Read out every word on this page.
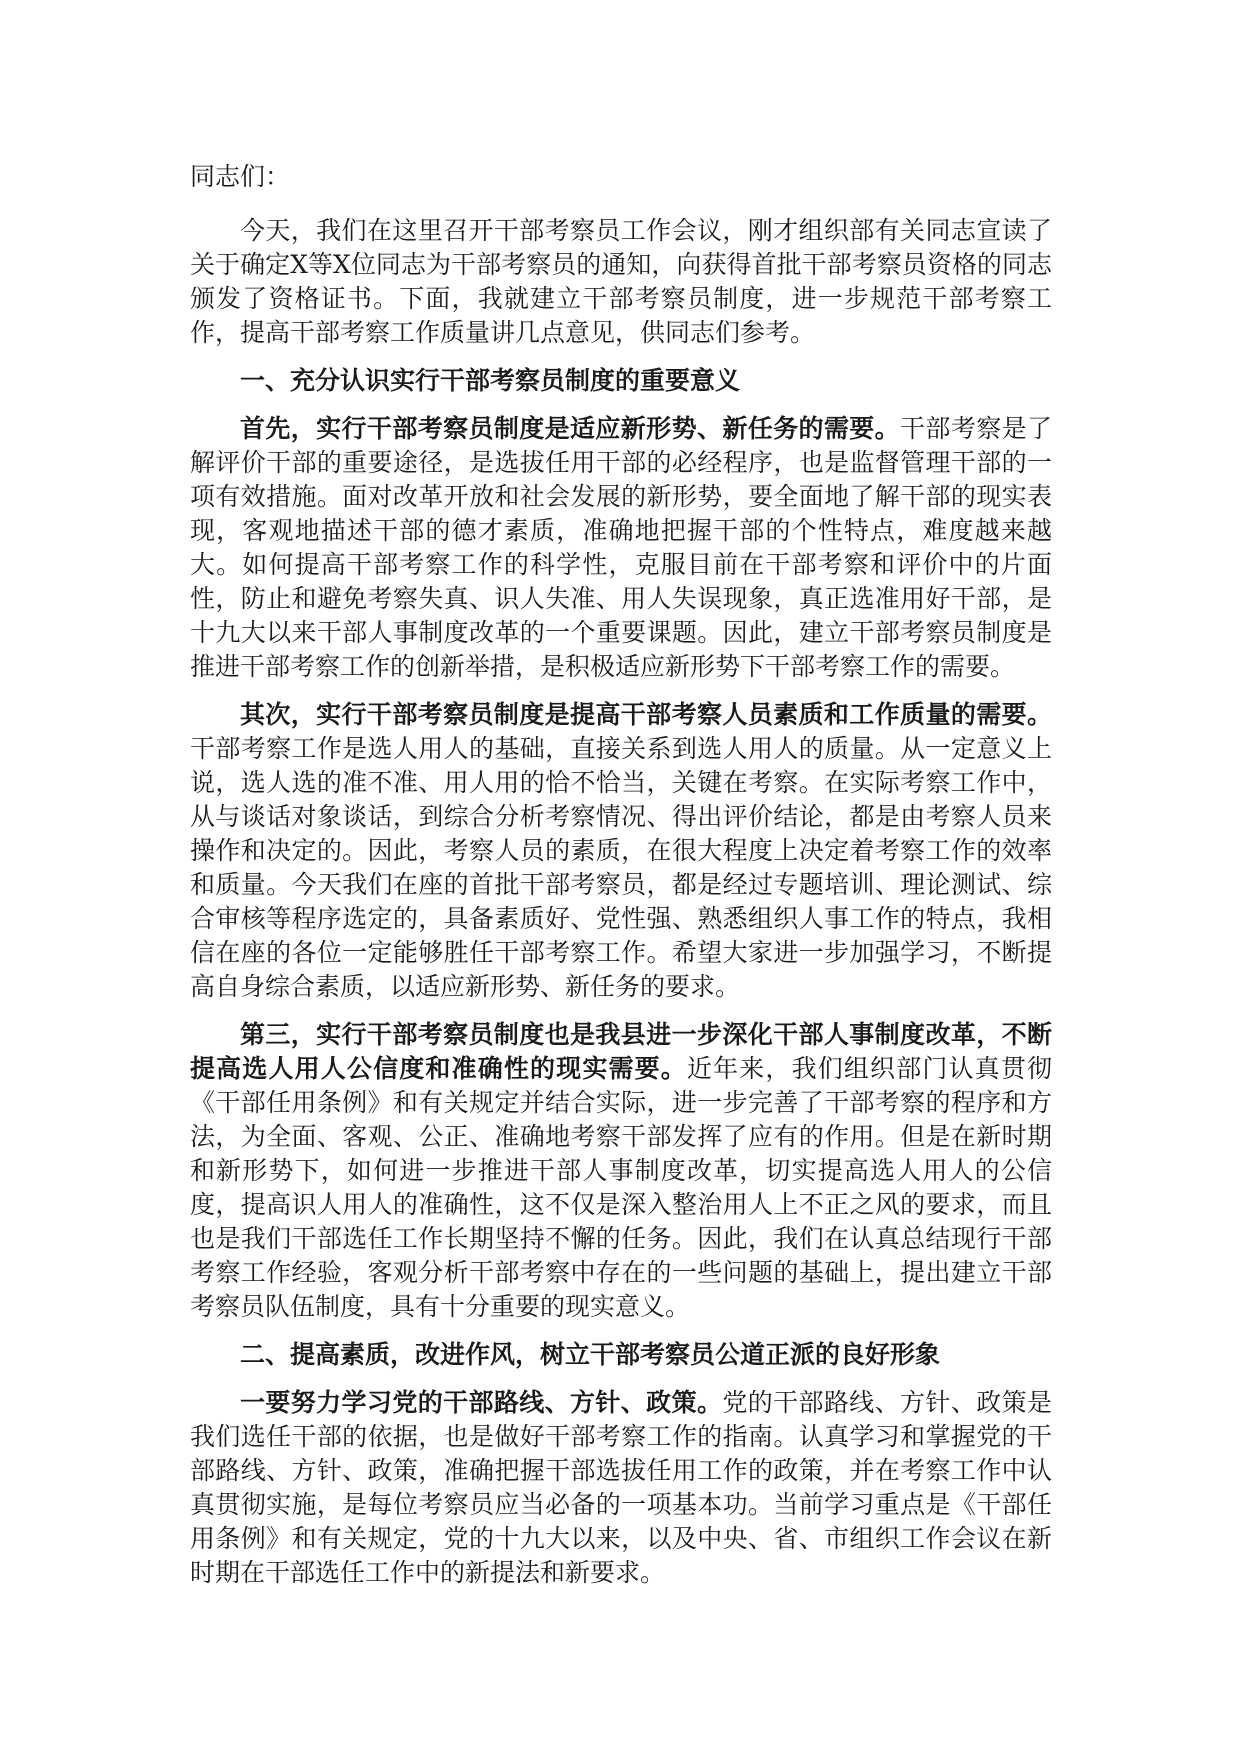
同志们：

今天，我们在这里召开干部考察员工作会议，刚才组织部有关同志宣读了关于确定X等X位同志为干部考察员的通知，向获得首批干部考察员资格的同志颁发了资格证书。下面，我就建立干部考察员制度，进一步规范干部考察工作，提高干部考察工作质量讲几点意见，供同志们参考。

一、充分认识实行干部考察员制度的重要意义

首先，实行干部考察员制度是适应新形势、新任务的需要。干部考察是了解评价干部的重要途径，是选拔任用干部的必经程序，也是监督管理干部的一项有效措施。面对改革开放和社会发展的新形势，要全面地了解干部的现实表现，客观地描述干部的德才素质，准确地把握干部的个性特点，难度越来越大。如何提高干部考察工作的科学性，克服目前在干部考察和评价中的片面性，防止和避免考察失真、识人失准、用人失误现象，真正选准用好干部，是十九大以来干部人事制度改革的一个重要课题。因此，建立干部考察员制度是推进干部考察工作的创新举措，是积极适应新形势下干部考察工作的需要。

其次，实行干部考察员制度是提高干部考察人员素质和工作质量的需要。干部考察工作是选人用人的基础，直接关系到选人用人的质量。从一定意义上说，选人选的准不准、用人用的恰不恰当，关键在考察。在实际考察工作中，从与谈话对象谈话，到综合分析考察情况、得出评价结论，都是由考察人员来操作和决定的。因此，考察人员的素质，在很大程度上决定着考察工作的效率和质量。今天我们在座的首批干部考察员，都是经过专题培训、理论测试、综合审核等程序选定的，具备素质好、党性强、熟悉组织人事工作的特点，我相信在座的各位一定能够胜任干部考察工作。希望大家进一步加强学习，不断提高自身综合素质，以适应新形势、新任务的要求。

第三，实行干部考察员制度也是我县进一步深化干部人事制度改革，不断提高选人用人公信度和准确性的现实需要。近年来，我们组织部门认真贯彻《干部任用条例》和有关规定并结合实际，进一步完善了干部考察的程序和方法，为全面、客观、公正、准确地考察干部发挥了应有的作用。但是在新时期和新形势下，如何进一步推进干部人事制度改革，切实提高选人用人的公信度，提高识人用人的准确性，这不仅是深入整治用人上不正之风的要求，而且也是我们干部选任工作长期坚持不懈的任务。因此，我们在认真总结现行干部考察工作经验，客观分析干部考察中存在的一些问题的基础上，提出建立干部考察员队伍制度，具有十分重要的现实意义。

二、提高素质，改进作风，树立干部考察员公道正派的良好形象

一要努力学习党的干部路线、方针、政策。党的干部路线、方针、政策是我们选任干部的依据，也是做好干部考察工作的指南。认真学习和掌握党的干部路线、方针、政策，准确把握干部选拔任用工作的政策，并在考察工作中认真贯彻实施，是每位考察员应当必备的一项基本功。当前学习重点是《干部任用条例》和有关规定，党的十九大以来，以及中央、省、市组织工作会议在新时期在干部选任工作中的新提法和新要求。
